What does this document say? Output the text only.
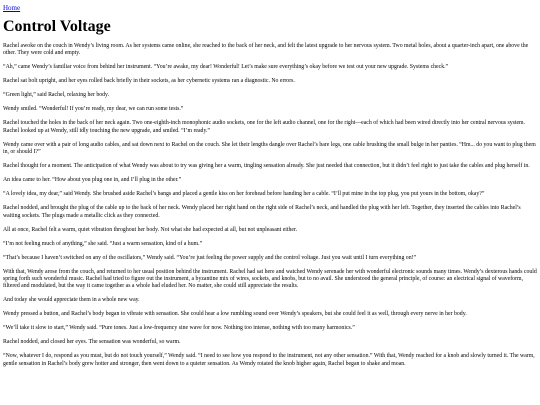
Home
Control Voltage

Rachel awoke on the couch in Wendy’s living room. As her systems came online, she reached to the back of her neck, and felt the latest upgrade to her nervous system. Two metal holes, about a quarter-inch apart, one above the other. They were cold and empty.

“Ah,” came Wendy’s familiar voice from behind her instrument. “You’re awake, my dear! Wonderful! Let’s make sure everything’s okay before we test out your new upgrade. Systems check.”

Rachel sat bolt upright, and her eyes rolled back briefly in their sockets, as her cybernetic systems ran a diagnostic. No errors.

“Green light,” said Rachel, relaxing her body.

Wendy smiled. “Wonderful! If you’re ready, my dear, we can run some tests.”

Rachel touched the holes in the back of her neck again. Two one-eighth-inch monophonic audio sockets, one for the left audio channel, one for the right—each of which had been wired directly into her central nervous system. Rachel looked up at Wendy, still idly touching the new upgrade, and smiled. “I’m ready.”

Wendy came over with a pair of long audio cables, and sat down next to Rachel on the couch. She let their lengths dangle over Rachel’s bare legs, one cable brushing the small bulge in her panties. “Hm... do you want to plug them in, or should I?”

Rachel thought for a moment. The anticipation of what Wendy was about to try was giving her a warm, tingling sensation already. She just needed that connection, but it didn’t feel right to just take the cables and plug herself in.

An idea came to her. “How about you plug one in, and I’ll plug in the other.”

“A lovely idea, my dear,” said Wendy. She brushed aside Rachel’s bangs and placed a gentle kiss on her forehead before handing her a cable. “I’ll put mine in the top plug, you put yours in the bottom, okay?”

Rachel nodded, and brought the plug of the cable up to the back of her neck. Wendy placed her right hand on the right side of Rachel’s neck, and handled the plug with her left. Together, they inserted the cables into Rachel’s waiting sockets. The plugs made a metallic click as they connected.

All at once, Rachel felt a warm, quiet vibration throghout her body. Not what she had expected at all, but not unpleasant either.

“I’m not feeling much of anything,” she said. “Just a warm sensation, kind of a hum.”

“That’s because I haven’t switched on any of the oscillators,” Wendy said. “You’re just feeling the power supply and the control voltage. Just you wait until I turn everything on!”

With that, Wendy arose from the couch, and returned to her usual position behind the instrument. Rachel had sat here and watched Wendy serenade her with wonderful electronic sounds many times. Wendy’s dexterous hands could spring forth such wonderful music. Rachel had tried to figure out the instrument, a byzantine mix of wires, sockets, and knobs, but to no avail. She understood the general principle, of course: an electrical signal of waveform, filtered and modulated, but the way it came together as a whole had eluded her. No matter, she could still appreciate the results.

And today she would appreciate them in a whole new way.

Wendy pressed a button, and Rachel’s body began to vibrate with sensation. She could hear a low rumbling sound over Wendy’s speakers, but she could feel it as well, through every nerve in her body.

“We’ll take it slow to start,” Wendy said. “Pure tones. Just a low-frequency sine wave for now. Nothing too intense, nothing with too many harmonics.”

Rachel nodded, and closed her eyes. The sensation was wonderful, so warm.

“Now, whatever I do, respond as you must, but do not touch yourself,” Wendy said. “I need to see how you respond to the instrument, not any other sensation.” With that, Wendy reached for a knob and slowly turned it. The warm, gentle sensation in Rachel’s body grew hotter and stronger, then went down to a quieter sensation. As Wendy rotated the knob higher again, Rachel began to shake and moan.
